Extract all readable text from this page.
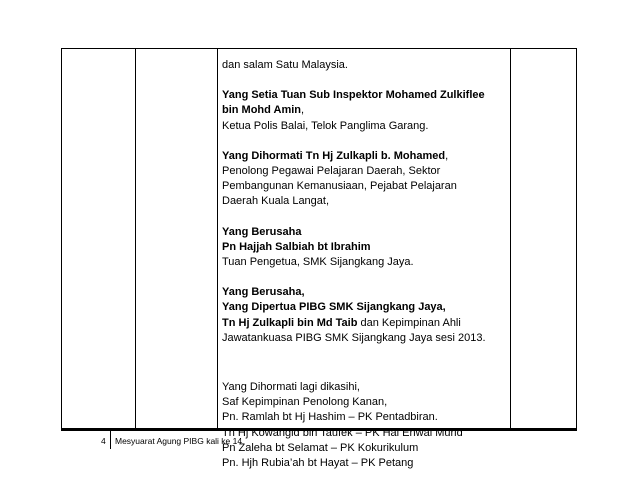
dan salam Satu Malaysia.

Yang Setia Tuan Sub Inspektor Mohamed Zulkiflee

bin Mohd Amin,

Ketua Polis Balai, Telok Panglima Garang.

Yang Dihormati Tn Hj Zulkapli b. Mohamed,

Penolong Pegawai Pelajaran Daerah, Sektor

Pembangunan Kemanusiaan, Pejabat Pelajaran

Daerah Kuala Langat,

Yang Berusaha

Pn Hajjah Salbiah bt Ibrahim

Tuan Pengetua, SMK Sijangkang Jaya.

Yang Berusaha,

Yang Dipertua PIBG SMK Sijangkang Jaya,

Tn Hj Zulkapli bin Md Taib dan Kepimpinan Ahli

Jawatankuasa PIBG SMK Sijangkang Jaya sesi 2013.

Yang Dihormati lagi dikasihi,

Saf Kepimpinan Penolong Kanan,

Pn. Ramlah bt Hj Hashim – PK Pentadbiran.

Tn Hj Kowangid bin Taufek – PK Hal Ehwal Murid

Pn Zaleha bt Selamat – PK Kokurikulum

Pn. Hjh Rubia’ah bt Hayat – PK Petang

4 Mesyuarat Agung PIBG kali ke 14
